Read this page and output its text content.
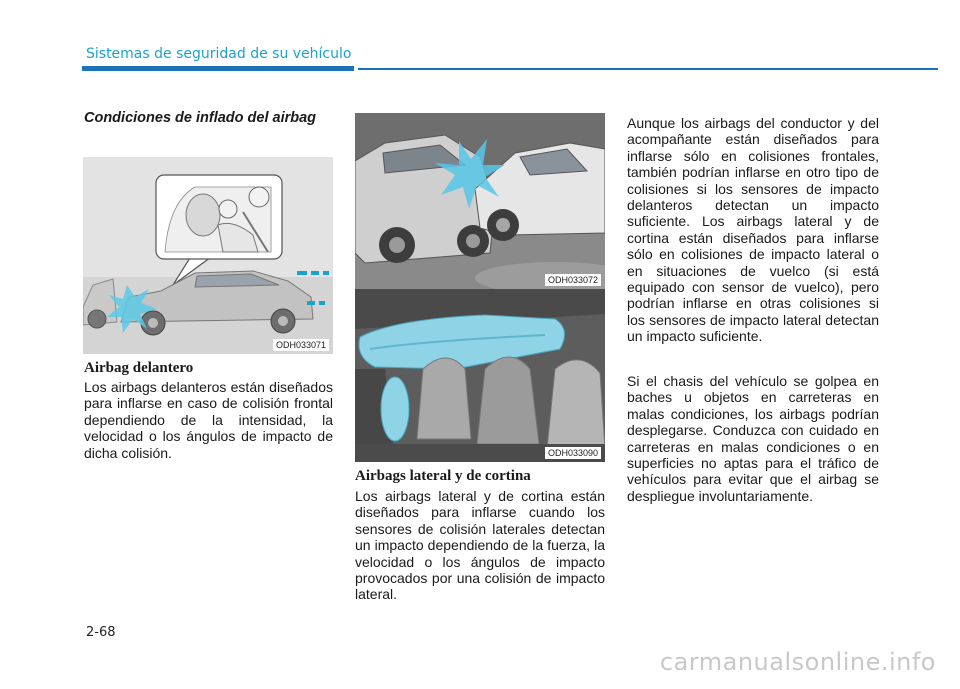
Sistemas de seguridad de su vehículo
Condiciones de inflado del airbag
ODH033071
Airbag delantero

Los airbags delanteros están diseñados para inflarse en caso de colisión frontal dependiendo de la intensidad, la velocidad o los ángulos de impacto de dicha colisión.

ODH033072
ODH033090
Airbags lateral y de cortina

Los airbags lateral y de cortina están diseñados para inflarse cuando los sensores de colisión laterales detectan un impacto dependiendo de la fuerza, la velocidad o los ángulos de impacto provocados por una colisión de impacto lateral.

Aunque los airbags del conductor y del acompañante están diseñados para inflarse sólo en colisiones frontales, también podrían inflarse en otro tipo de colisiones si los sensores de impacto delanteros detectan un impacto suficiente. Los airbags lateral y de cortina están diseñados para inflarse sólo en colisiones de impacto lateral o en situaciones de vuelco (si está equipado con sensor de vuelco), pero podrían inflarse en otras colisiones si los sensores de impacto lateral detectan un impacto suficiente.

Si el chasis del vehículo se golpea en baches u objetos en carreteras en malas condiciones, los airbags podrían desplegarse. Conduzca con cuidado en carreteras en malas condiciones o en superficies no aptas para el tráfico de vehículos para evitar que el airbag se despliegue involuntariamente.

2-68
carmanualsonline.info
